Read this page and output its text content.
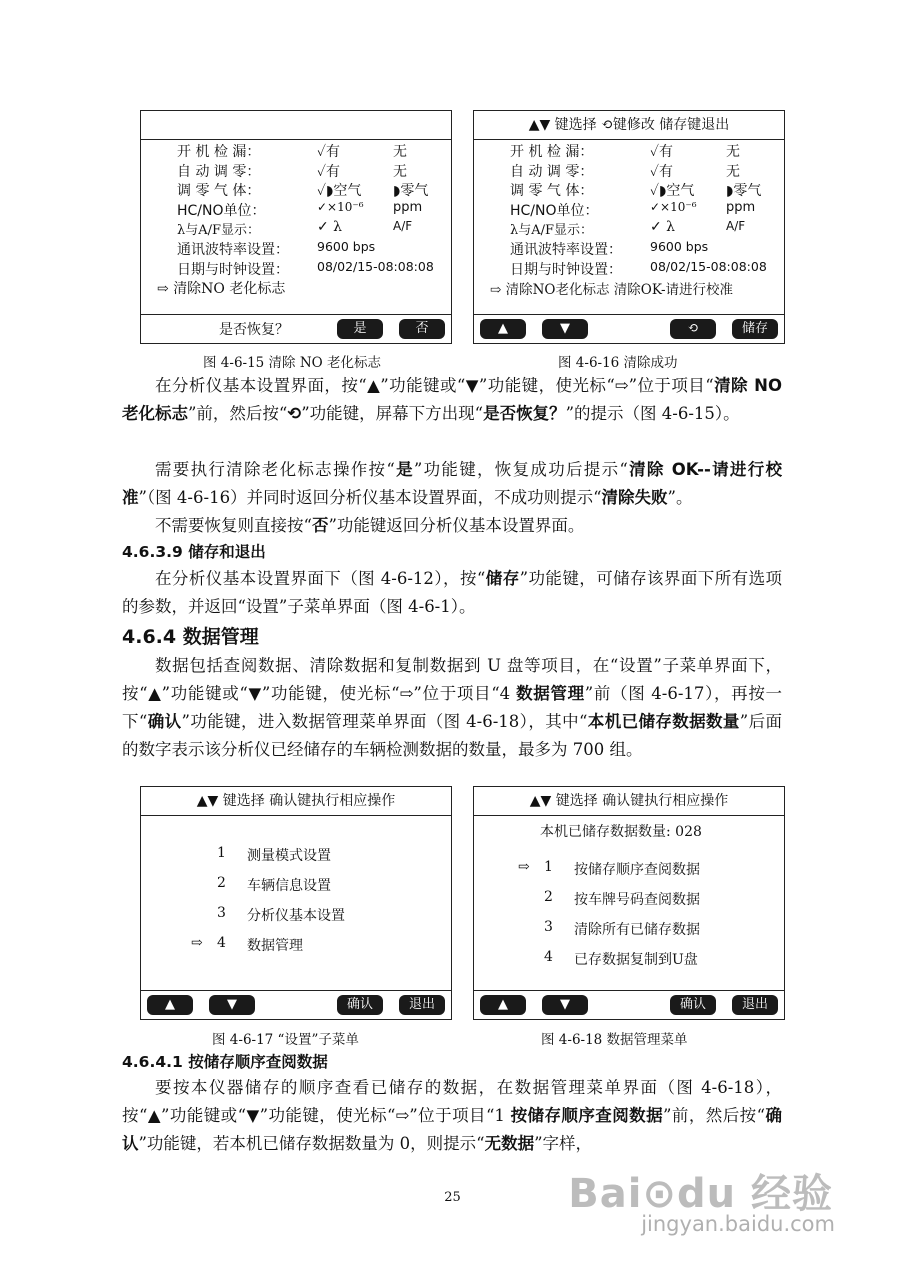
开 机 检 漏：	✓有	无
自 动 调 零：	✓有	无
调 零 气 体：	✓◗空气 ◗零气
HC/NO单位：	✓×10⁻⁶ ppm
λ与A/F显示：	✓ λ	A/F
通讯波特率设置： 9600 bps
日期与时钟设置： 08/02/15-08:08:08
⇨ 清除NO 老化标志
是否恢复？	是	否
图 4-6-15 清除 NO 老化标志
▲▼ 键选择 ⟲键修改 储存键退出
开 机 检 漏：	✓有	无
自 动 调 零：	✓有	无
调 零 气 体：	✓◗空气 ◗零气
HC/NO单位：	✓×10⁻⁶ ppm
λ与A/F显示：	✓ λ	A/F
通讯波特率设置： 9600 bps
日期与时钟设置： 08/02/15-08:08:08
⇨ 清除NO老化标志 清除OK-请进行校准
▲	▼	⟲	储存
图 4-6-16 清除成功
在分析仪基本设置界面，按“▲”功能键或“▼”功能键，使光标“⇨”位于项目“清除 NO 老化标志”前，然后按“⟲”功能键，屏幕下方出现“是否恢复？”的提示（图 4-6-15）。
需要执行清除老化标志操作按“是”功能键，恢复成功后提示“清除 OK--请进行校准”（图 4-6-16）并同时返回分析仪基本设置界面，不成功则提示“清除失败”。
不需要恢复则直接按“否”功能键返回分析仪基本设置界面。
4.6.3.9 储存和退出
在分析仪基本设置界面下（图 4-6-12），按“储存”功能键，可储存该界面下所有选项的参数，并返回“设置”子菜单界面（图 4-6-1）。
4.6.4 数据管理
数据包括查阅数据、清除数据和复制数据到 U 盘等项目，在“设置”子菜单界面下，按“▲”功能键或“▼”功能键，使光标“⇨”位于项目“4 数据管理”前（图 4-6-17），再按一下“确认”功能键，进入数据管理菜单界面（图 4-6-18），其中“本机已储存数据数量”后面的数字表示该分析仪已经储存的车辆检测数据的数量，最多为 700 组。
▲▼ 键选择 确认键执行相应操作
1 测量模式设置
2 车辆信息设置
3 分析仪基本设置
⇨ 4 数据管理
▲	▼	确认	退出
图 4-6-17 “设置”子菜单
▲▼ 键选择 确认键执行相应操作
本机已储存数据数量: 028
⇨ 1 按储存顺序查阅数据
2 按车牌号码查阅数据
3 清除所有已储存数据
4 已存数据复制到U盘
▲	▼	确认	退出
图 4-6-18 数据管理菜单
4.6.4.1 按储存顺序查阅数据
要按本仪器储存的顺序查看已储存的数据，在数据管理菜单界面（图 4-6-18），按“▲”功能键或“▼”功能键，使光标“⇨”位于项目“1 按储存顺序查阅数据”前，然后按“确认”功能键，若本机已储存数据数量为 0，则提示“无数据”字样，
25	Bai⊙du 经验
jingyan.baidu.com
